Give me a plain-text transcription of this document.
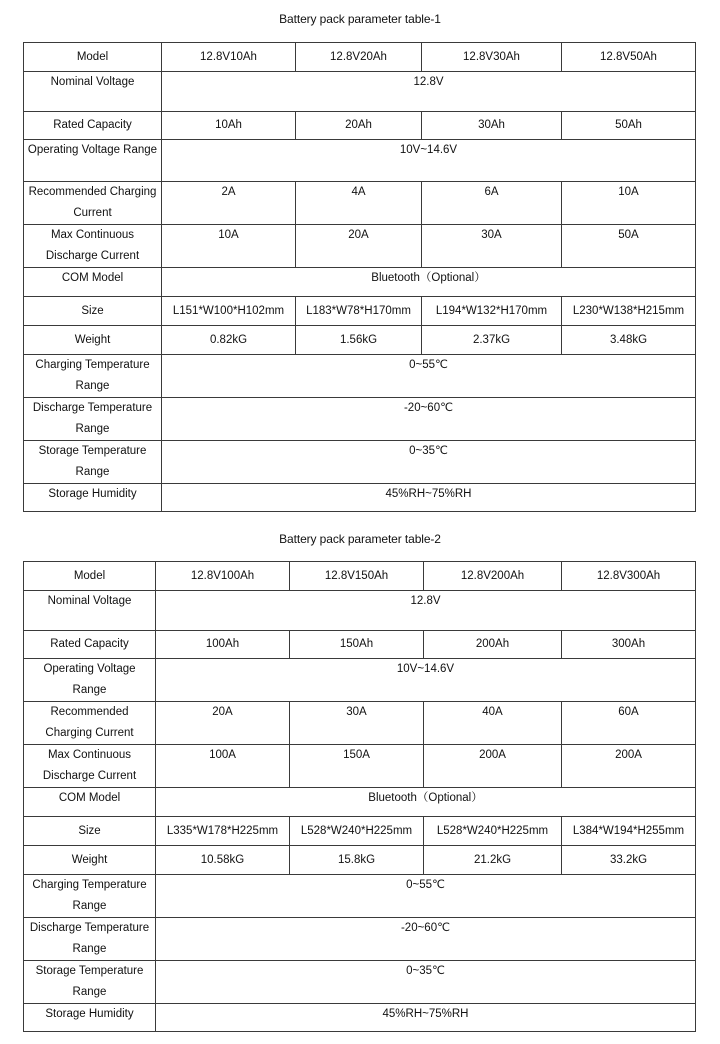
Battery pack parameter table-1
Model	12.8V10Ah	12.8V20Ah	12.8V30Ah	12.8V50Ah
Nominal Voltage	12.8V			
Rated Capacity	10Ah	20Ah	30Ah	50Ah
Operating Voltage Range	10V~14.6V			
Recommended Charging Current	2A	4A	6A	10A
Max Continuous Discharge Current	10A	20A	30A	50A
COM Model	Bluetooth（Optional）			
Size	L151*W100*H102mm	L183*W78*H170mm	L194*W132*H170mm	L230*W138*H215mm
Weight	0.82kG	1.56kG	2.37kG	3.48kG
Charging Temperature Range	0~55℃			
Discharge Temperature Range	-20~60℃			
Storage Temperature Range	0~35℃			
Storage Humidity	45%RH~75%RH			
Battery pack parameter table-2
Model	12.8V100Ah	12.8V150Ah	12.8V200Ah	12.8V300Ah
Nominal Voltage	12.8V			
Rated Capacity	100Ah	150Ah	200Ah	300Ah
Operating Voltage Range	10V~14.6V			
Recommended Charging Current	20A	30A	40A	60A
Max Continuous Discharge Current	100A	150A	200A	200A
COM Model	Bluetooth（Optional）			
Size	L335*W178*H225mm	L528*W240*H225mm	L528*W240*H225mm	L384*W194*H255mm
Weight	10.58kG	15.8kG	21.2kG	33.2kG
Charging Temperature Range	0~55℃			
Discharge Temperature Range	-20~60℃			
Storage Temperature Range	0~35℃			
Storage Humidity	45%RH~75%RH			
